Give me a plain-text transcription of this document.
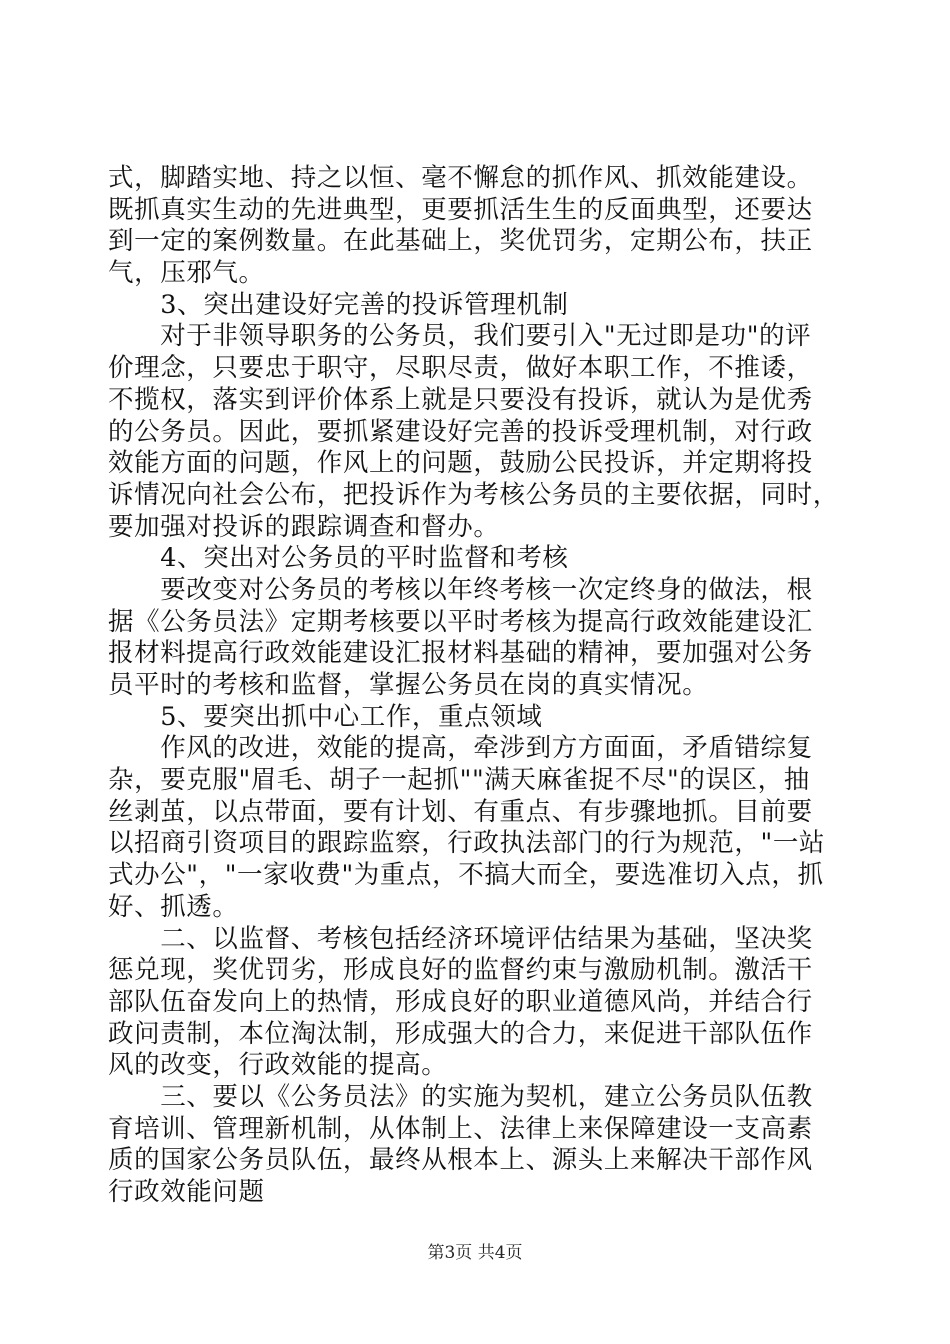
式，脚踏实地、持之以恒、毫不懈怠的抓作风、抓效能建设。
既抓真实生动的先进典型，更要抓活生生的反面典型，还要达
到一定的案例数量。在此基础上，奖优罚劣，定期公布，扶正
气，压邪气。
　　3、突出建设好完善的投诉管理机制
　　对于非领导职务的公务员，我们要引入"无过即是功"的评
价理念，只要忠于职守，尽职尽责，做好本职工作，不推诿，
不揽权，落实到评价体系上就是只要没有投诉，就认为是优秀
的公务员。因此，要抓紧建设好完善的投诉受理机制，对行政
效能方面的问题，作风上的问题，鼓励公民投诉，并定期将投
诉情况向社会公布，把投诉作为考核公务员的主要依据，同时，
要加强对投诉的跟踪调查和督办。
　　4、突出对公务员的平时监督和考核
　　要改变对公务员的考核以年终考核一次定终身的做法，根
据《公务员法》定期考核要以平时考核为提高行政效能建设汇
报材料提高行政效能建设汇报材料基础的精神，要加强对公务
员平时的考核和监督，掌握公务员在岗的真实情况。
　　5、要突出抓中心工作，重点领域
　　作风的改进，效能的提高，牵涉到方方面面，矛盾错综复
杂，要克服"眉毛、胡子一起抓""满天麻雀捉不尽"的误区，抽
丝剥茧，以点带面，要有计划、有重点、有步骤地抓。目前要
以招商引资项目的跟踪监察，行政执法部门的行为规范，"一站
式办公"，"一家收费"为重点，不搞大而全，要选准切入点，抓
好、抓透。
　　二、以监督、考核包括经济环境评估结果为基础，坚决奖
惩兑现，奖优罚劣，形成良好的监督约束与激励机制。激活干
部队伍奋发向上的热情，形成良好的职业道德风尚，并结合行
政问责制，本位淘汰制，形成强大的合力，来促进干部队伍作
风的改变，行政效能的提高。
　　三、要以《公务员法》的实施为契机，建立公务员队伍教
育培训、管理新机制，从体制上、法律上来保障建设一支高素
质的国家公务员队伍，最终从根本上、源头上来解决干部作风
行政效能问题
第3页 共4页
